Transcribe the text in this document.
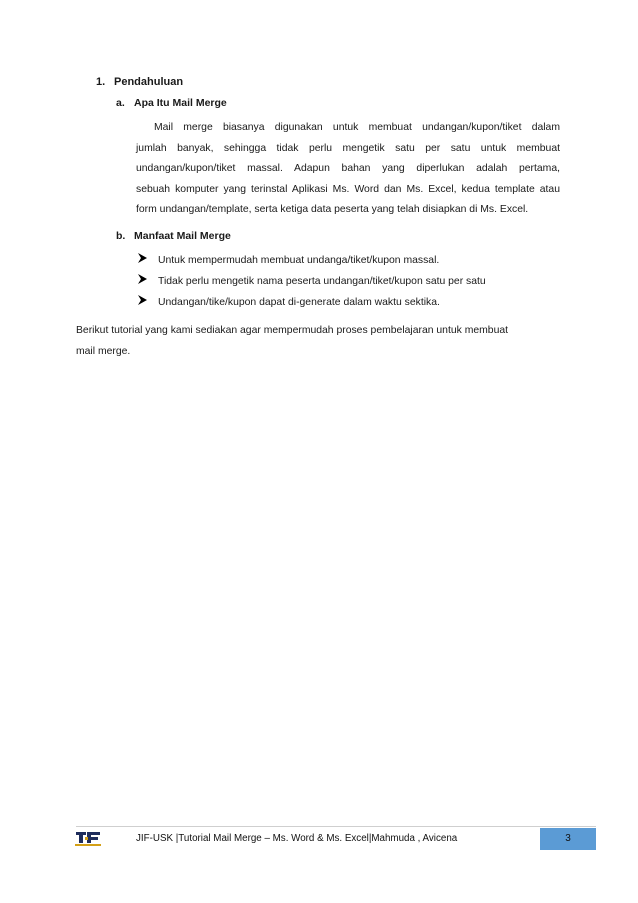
1. Pendahuluan
a. Apa Itu Mail Merge
Mail merge biasanya digunakan untuk membuat undangan/kupon/tiket dalam
jumlah banyak, sehingga tidak perlu mengetik satu per satu untuk membuat
undangan/kupon/tiket massal. Adapun bahan yang diperlukan adalah pertama,
sebuah komputer yang terinstal Aplikasi Ms. Word dan Ms. Excel, kedua template atau
form undangan/template, serta ketiga data peserta yang telah disiapkan di Ms. Excel.
b. Manfaat Mail Merge
Untuk mempermudah membuat undanga/tiket/kupon massal.
Tidak perlu mengetik nama peserta undangan/tiket/kupon satu per satu
Undangan/tike/kupon dapat di-generate dalam waktu sektika.
Berikut tutorial yang kami sediakan agar mempermudah proses pembelajaran untuk membuat
mail merge.
JIF-USK |Tutorial Mail Merge – Ms. Word & Ms. Excel|Mahmuda , Avicena	3
